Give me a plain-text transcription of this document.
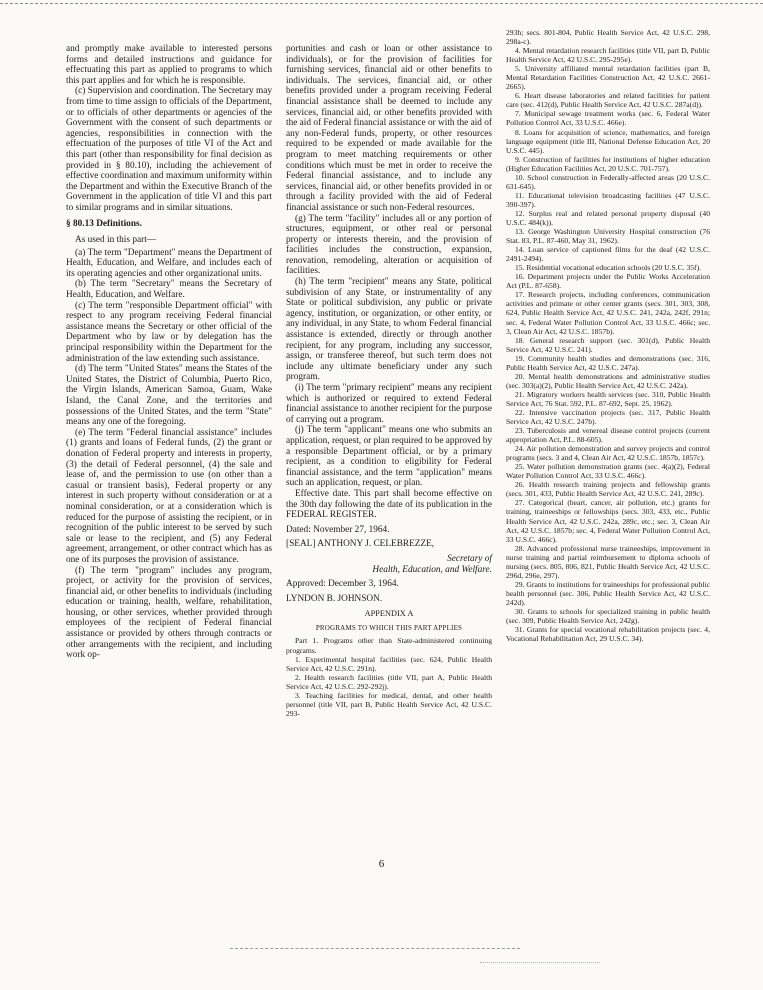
and promptly make available to interested persons forms and detailed instructions and guidance for effectuating this part as applied to programs to which this part applies and for which he is responsible.

(c) Supervision and coordination. The Secretary may from time to time assign to officials of the Department, or to officials of other departments or agencies of the Government with the consent of such departments or agencies, responsibilities in connection with the effectuation of the purposes of title VI of the Act and this part (other than responsibility for final decision as provided in § 80.10), including the achievement of effective coordination and maximum uniformity within the Department and within the Executive Branch of the Government in the application of title VI and this part to similar programs and in similar situations.

§ 80.13 Definitions.

As used in this part—

(a) The term "Department" means the Department of Health, Education, and Welfare, and includes each of its operating agencies and other organizational units.

(b) The term "Secretary" means the Secretary of Health, Education, and Welfare.

(c) The term "responsible Department official" with respect to any program receiving Federal financial assistance means the Secretary or other official of the Department who by law or by delegation has the principal responsibility within the Department for the administration of the law extending such assistance.

(d) The term "United States" means the States of the United States, the District of Columbia, Puerto Rico, the Virgin Islands, American Samoa, Guam, Wake Island, the Canal Zone, and the territories and possessions of the United States, and the term "State" means any one of the foregoing.

(e) The term "Federal financial assistance" includes (1) grants and loans of Federal funds, (2) the grant or donation of Federal property and interests in property, (3) the detail of Federal personnel, (4) the sale and lease of, and the permission to use (on other than a casual or transient basis), Federal property or any interest in such property without consideration or at a nominal consideration, or at a consideration which is reduced for the purpose of assisting the recipient, or in recognition of the public interest to be served by such sale or lease to the recipient, and (5) any Federal agreement, arrangement, or other contract which has as one of its purposes the provision of assistance.

(f) The term "program" includes any program, project, or activity for the provision of services, financial aid, or other benefits to individuals (including education or training, health, welfare, rehabilitation, housing, or other services, whether provided through employees of the recipient of Federal financial assistance or provided by others through contracts or other arrangements with the recipient, and including work op-

portunities and cash or loan or other assistance to individuals), or for the provision of facilities for furnishing services, financial aid or other benefits to individuals. The services, financial aid, or other benefits provided under a program receiving Federal financial assistance shall be deemed to include any services, financial aid, or other benefits provided with the aid of Federal financial assistance or with the aid of any non-Federal funds, property, or other resources required to be expended or made available for the program to meet matching requirements or other conditions which must be met in order to receive the Federal financial assistance, and to include any services, financial aid, or other benefits provided in or through a facility provided with the aid of Federal financial assistance or such non-Federal resources.

(g) The term "facility" includes all or any portion of structures, equipment, or other real or personal property or interests therein, and the provision of facilities includes the construction, expansion, renovation, remodeling, alteration or acquisition of facilities.

(h) The term "recipient" means any State, political subdivision of any State, or instrumentality of any State or political subdivision, any public or private agency, institution, or organization, or other entity, or any individual, in any State, to whom Federal financial assistance is extended, directly or through another recipient, for any program, including any successor, assign, or transferee thereof, but such term does not include any ultimate beneficiary under any such program.

(i) The term "primary recipient" means any recipient which is authorized or required to extend Federal financial assistance to another recipient for the purpose of carrying out a program.

(j) The term "applicant" means one who submits an application, request, or plan required to be approved by a responsible Department official, or by a primary recipient, as a condition to eligibility for Federal financial assistance, and the term "application" means such an application, request, or plan.

Effective date. This part shall become effective on the 30th day following the date of its publication in the FEDERAL REGISTER.

Dated: November 27, 1964.

[SEAL] ANTHONY J. CELEBREZZE,

Secretary of

Health, Education, and Welfare.

Approved: December 3, 1964.

LYNDON B. JOHNSON.

APPENDIX A

PROGRAMS TO WHICH THIS PART APPLIES

Part 1. Programs other than State-administered continuing programs.

1. Experimental hospital facilities (sec. 624, Public Health Service Act, 42 U.S.C. 291n).

2. Health research facilities (title VII, part A, Public Health Service Act, 42 U.S.C. 292-292j).

3. Teaching facilities for medical, dental, and other health personnel (title VII, part B, Public Health Service Act, 42 U.S.C. 293-

293h; secs. 801-804, Public Health Service Act, 42 U.S.C. 298, 298a-c).

4. Mental retardation research facilities (title VII, part D, Public Health Service Act, 42 U.S.C. 295-295e).

5. University affiliated mental retardation facilities (part B, Mental Retardation Facilities Construction Act, 42 U.S.C. 2661-2665).

6. Heart disease laboratories and related facilities for patient care (sec. 412(d), Public Health Service Act, 42 U.S.C. 287a(d)).

7. Municipal sewage treatment works (sec. 6, Federal Water Pollution Control Act, 33 U.S.C. 466e).

8. Loans for acquisition of science, mathematics, and foreign language equipment (title III, National Defense Education Act, 20 U.S.C. 445).

9. Construction of facilities for institutions of higher education (Higher Education Facilities Act, 20 U.S.C. 701-757).

10. School construction in Federally-affected areas (20 U.S.C. 631-645).

11. Educational television broadcasting facilities (47 U.S.C. 390-397).

12. Surplus real and related personal property disposal (40 U.S.C. 484(k)).

13. George Washington University Hospital construction (76 Stat. 83, P.L. 87-460, May 31, 1962).

14. Loan service of captioned films for the deaf (42 U.S.C. 2491-2494).

15. Residential vocational education schools (20 U.S.C. 35f).

16. Department projects under the Public Works Acceleration Act (P.L. 87-658).

17. Research projects, including conferences, communication activities and primate or other center grants (secs. 301, 303, 308, 624, Public Health Service Act, 42 U.S.C. 241, 242a, 242f, 291n; sec. 4, Federal Water Pollution Control Act, 33 U.S.C. 466c; sec. 3, Clean Air Act, 42 U.S.C. 1857b).

18. General research support (sec. 301(d), Public Health Service Act, 42 U.S.C. 241).

19. Community health studies and demonstrations (sec. 316, Public Health Service Act, 42 U.S.C. 247a).

20. Mental health demonstrations and administrative studies (sec. 303(a)(2), Public Health Service Act, 42 U.S.C. 242a).

21. Migratory workers health services (sec. 310, Public Health Service Act, 76 Stat. 592, P.L. 87-692, Sept. 25, 1962).

22. Intensive vaccination projects (sec. 317, Public Health Service Act, 42 U.S.C. 247b).

23. Tuberculosis and venereal disease control projects (current appropriation Act, P.L. 88-605).

24. Air pollution demonstration and survey projects and control programs (secs. 3 and 4, Clean Air Act, 42 U.S.C. 1857b, 1857c).

25. Water pollution demonstration grants (sec. 4(a)(2), Federal Water Pollution Control Act, 33 U.S.C. 466c).

26. Health research training projects and fellowship grants (secs. 301, 433, Public Health Service Act, 42 U.S.C. 241, 289c).

27. Categorical (heart, cancer, air pollution, etc.) grants for training, traineeships or fellowships (secs. 303, 433, etc., Public Health Service Act, 42 U.S.C. 242a, 289c, etc.; sec. 3, Clean Air Act, 42 U.S.C. 1857b; sec. 4, Federal Water Pollution Control Act, 33 U.S.C. 466c).

28. Advanced professional nurse traineeships, improvement in nurse training and partial reimbursement to diploma schools of nursing (secs. 805, 806, 821, Public Health Service Act, 42 U.S.C. 296d, 296e, 297).

29. Grants to institutions for traineeships for professional public health personnel (sec. 306, Public Health Service Act, 42 U.S.C. 242d).

30. Grants to schools for specialized training in public health (sec. 309, Public Health Service Act, 242g).

31. Grants for special vocational rehabilitation projects (sec. 4, Vocational Rehabilitation Act, 29 U.S.C. 34).

6
